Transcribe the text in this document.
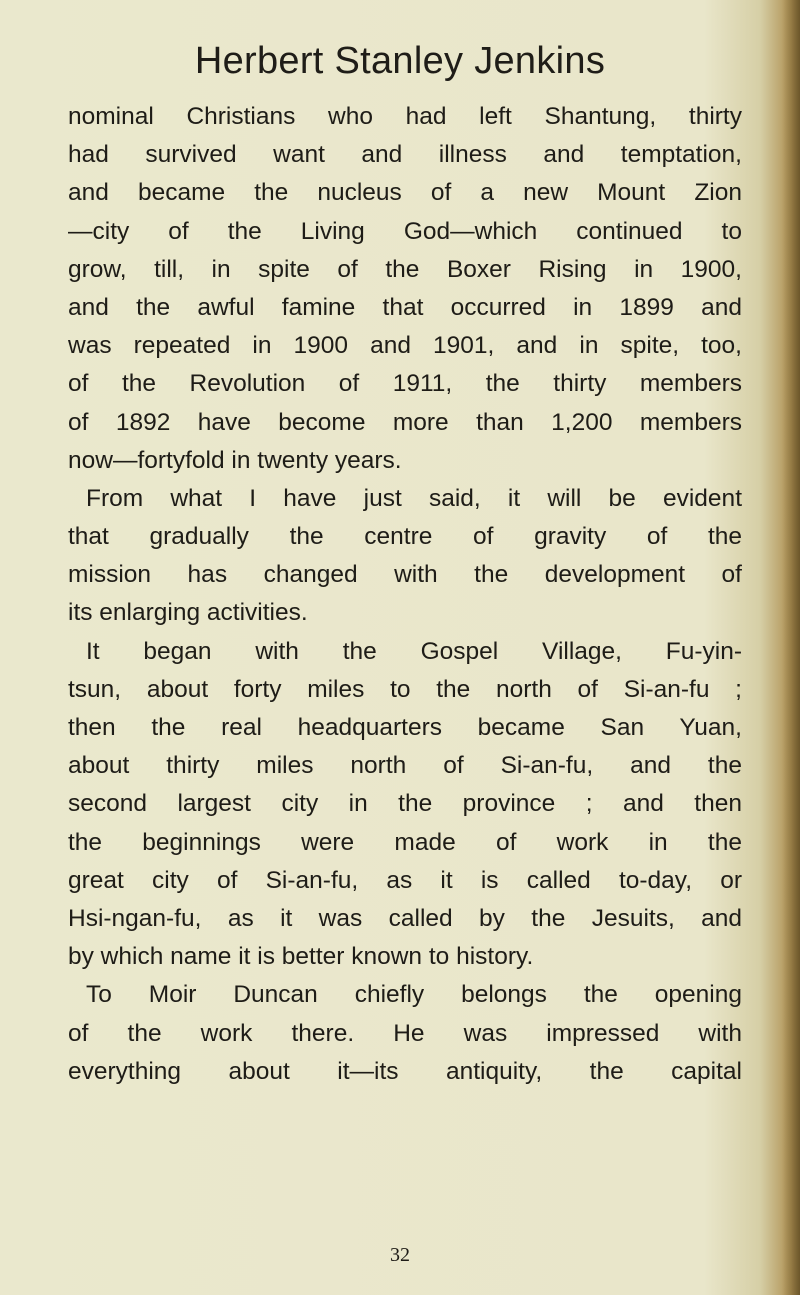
Herbert Stanley Jenkins
nominal Christians who had left Shantung, thirty
had survived want and illness and temptation,
and became the nucleus of a new Mount Zion
—city of the Living God—which continued to
grow, till, in spite of the Boxer Rising in 1900,
and the awful famine that occurred in 1899 and
was repeated in 1900 and 1901, and in spite, too,
of the Revolution of 1911, the thirty members
of 1892 have become more than 1,200 members
now—fortyfold in twenty years.
From what I have just said, it will be evident
that gradually the centre of gravity of the
mission has changed with the development of
its enlarging activities.
It began with the Gospel Village, Fu-yin-
tsun, about forty miles to the north of Si-an-fu ;
then the real headquarters became San Yuan,
about thirty miles north of Si-an-fu, and the
second largest city in the province ; and then
the beginnings were made of work in the
great city of Si-an-fu, as it is called to-day, or
Hsi-ngan-fu, as it was called by the Jesuits, and
by which name it is better known to history.
To Moir Duncan chiefly belongs the opening
of the work there. He was impressed with
everything about it—its antiquity, the capital
32
